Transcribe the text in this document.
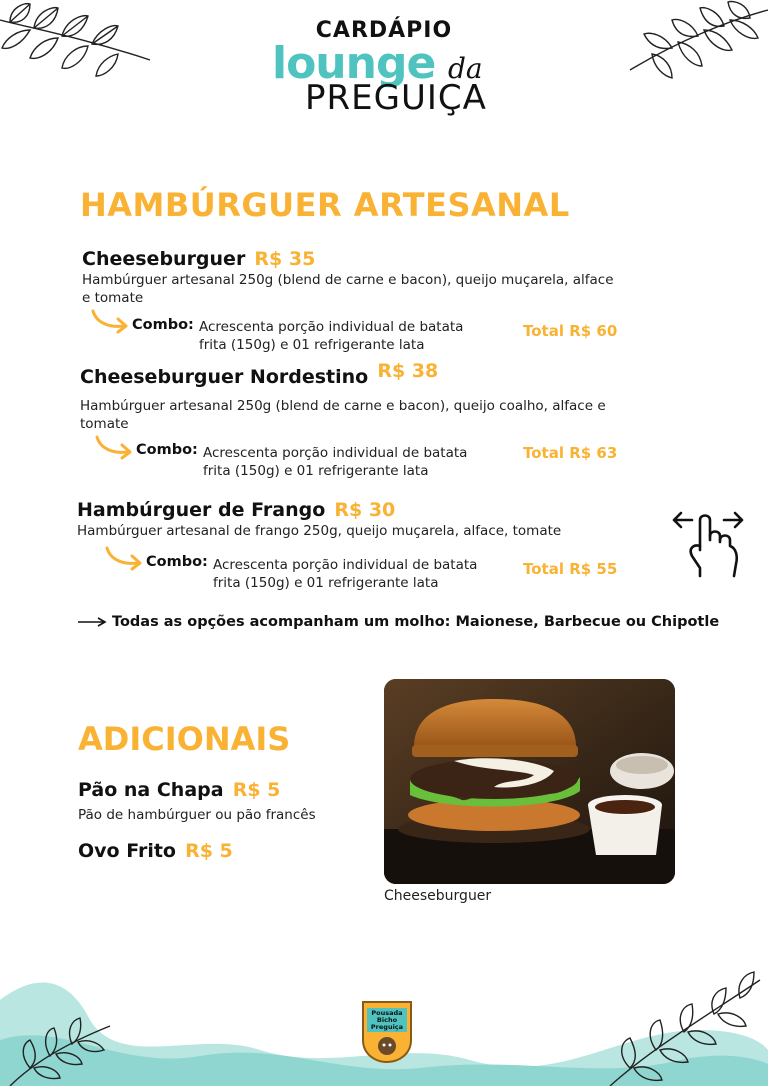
CARDÁPIO
lounge da
PREGUIÇA
HAMBÚRGUER ARTESANAL
Cheeseburguer R$ 35
Hambúrguer artesanal 250g (blend de carne e bacon), queijo muçarela, alface
e tomate
Combo: Acrescenta porção individual de batata
frita (150g) e 01 refrigerante lata
Total R$ 60
Cheeseburguer Nordestino R$ 38
Hambúrguer artesanal 250g (blend de carne e bacon), queijo coalho, alface e
tomate
Combo: Acrescenta porção individual de batata
frita (150g) e 01 refrigerante lata
Total R$ 63
Hambúrguer de Frango R$ 30
Hambúrguer artesanal de frango 250g, queijo muçarela, alface, tomate
Combo: Acrescenta porção individual de batata
frita (150g) e 01 refrigerante lata
Total R$ 55
Todas as opções acompanham um molho: Maionese, Barbecue ou Chipotle
ADICIONAIS
Pão na Chapa R$ 5
Pão de hambúrguer ou pão francês
Ovo Frito R$ 5
Cheeseburguer
Pousada
Bicho
Preguiça
